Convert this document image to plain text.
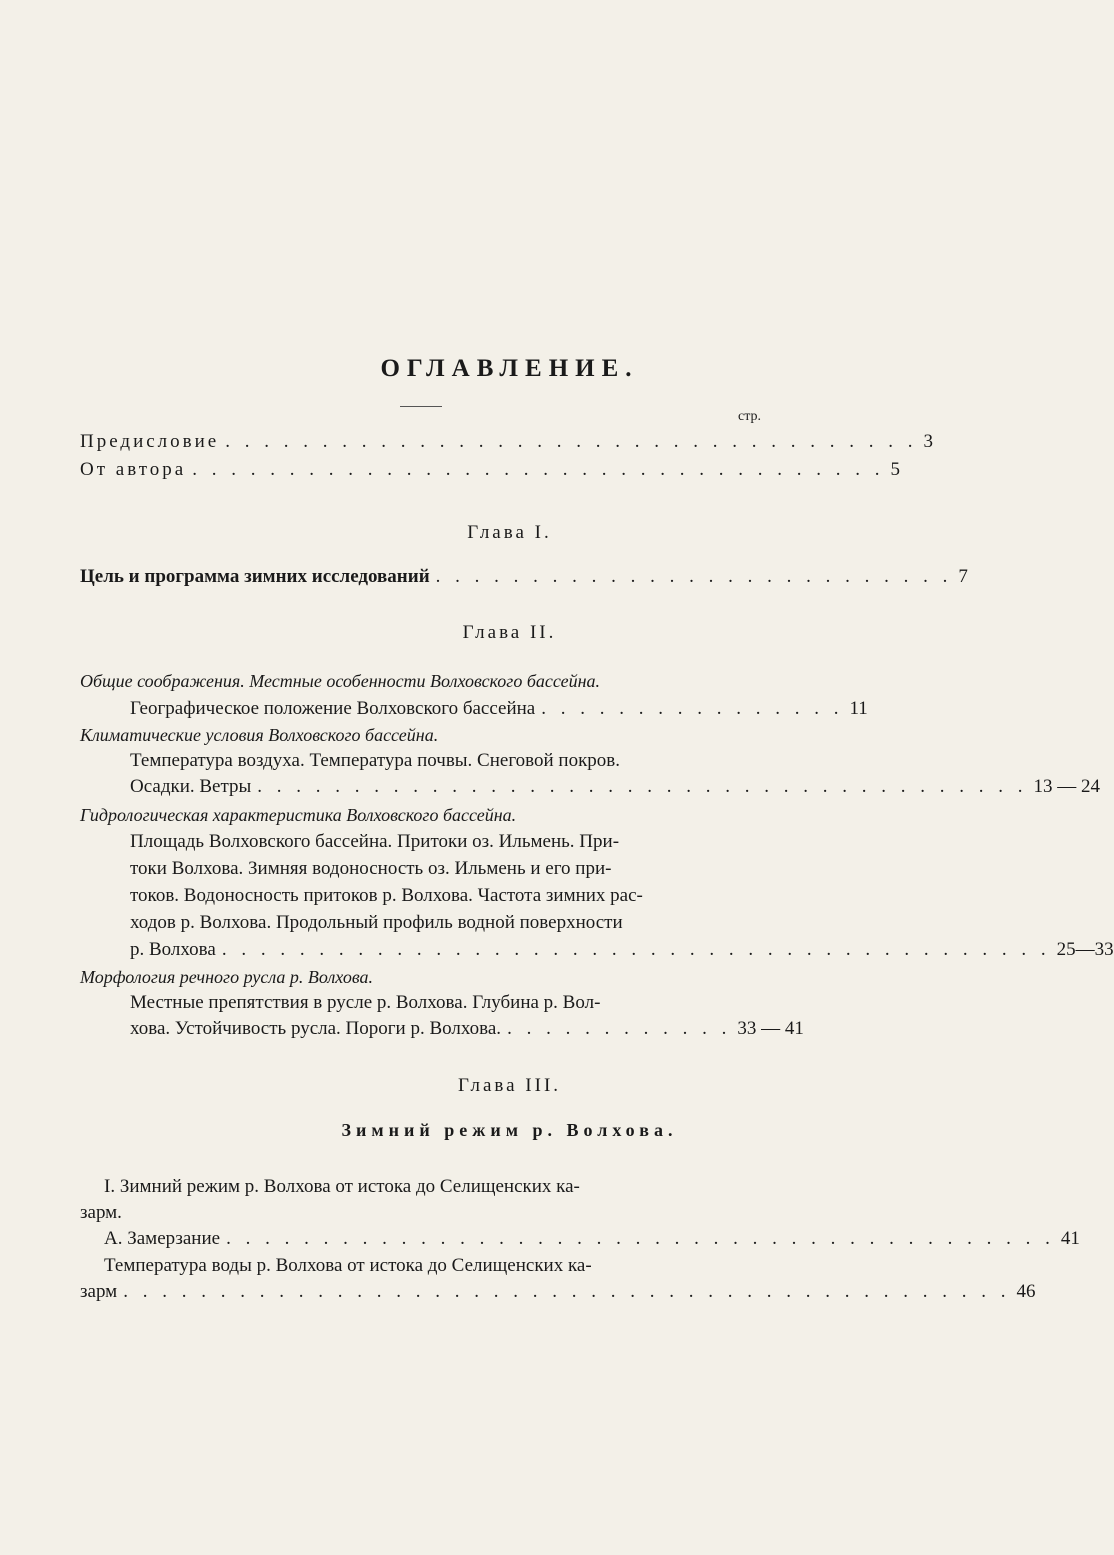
ОГЛАВЛЕНИЕ.
стр.
Предисловие . . . . . . . . . . . . . . . . . . . . . . . . . . . . . . . . . . . . 3
От автора . . . . . . . . . . . . . . . . . . . . . . . . . . . . . . . . . . . . 5
Глава I.
Цель и программа зимних исследований . . . . . . . . . . . . . . . . . . . . . . . . . . . 7
Глава II.
Общие соображения. Местные особенности Волховского бассейна.
Географическое положение Волховского бассейна . . . . . . . . . . . . . . . . 11
Климатические условия Волховского бассейна.
Температура воздуха. Температура почвы. Снеговой покров.
Осадки. Ветры . . . . . . . . . . . . . . . . . . . . . . . . . . . . . . . . . . . . . . . . 13 — 24
Гидрологическая характеристика Волховского бассейна.
Площадь Волховского бассейна. Притоки оз. Ильмень. При-
токи Волхова. Зимняя водоносность оз. Ильмень и его при-
токов. Водоносность притоков р. Волхова. Частота зимних рас-
ходов р. Волхова. Продольный профиль водной поверхности
р. Волхова . . . . . . . . . . . . . . . . . . . . . . . . . . . . . . . . . . . . . . . . . . . 25—33
Морфология речного русла р. Волхова.
Местные препятствия в русле р. Волхова. Глубина р. Вол-
хова. Устойчивость русла. Пороги р. Волхова. . . . . . . . . . . . . 33 — 41
Глава III.
Зимний режим р. Волхова.
I. Зимний режим р. Волхова от истока до Селищенских ка-
зарм.
А. Замерзание . . . . . . . . . . . . . . . . . . . . . . . . . . . . . . . . . . . . . . . . . . . 41
Температура воды р. Волхова от истока до Селищенских ка-
зарм . . . . . . . . . . . . . . . . . . . . . . . . . . . . . . . . . . . . . . . . . . . . . . 46
